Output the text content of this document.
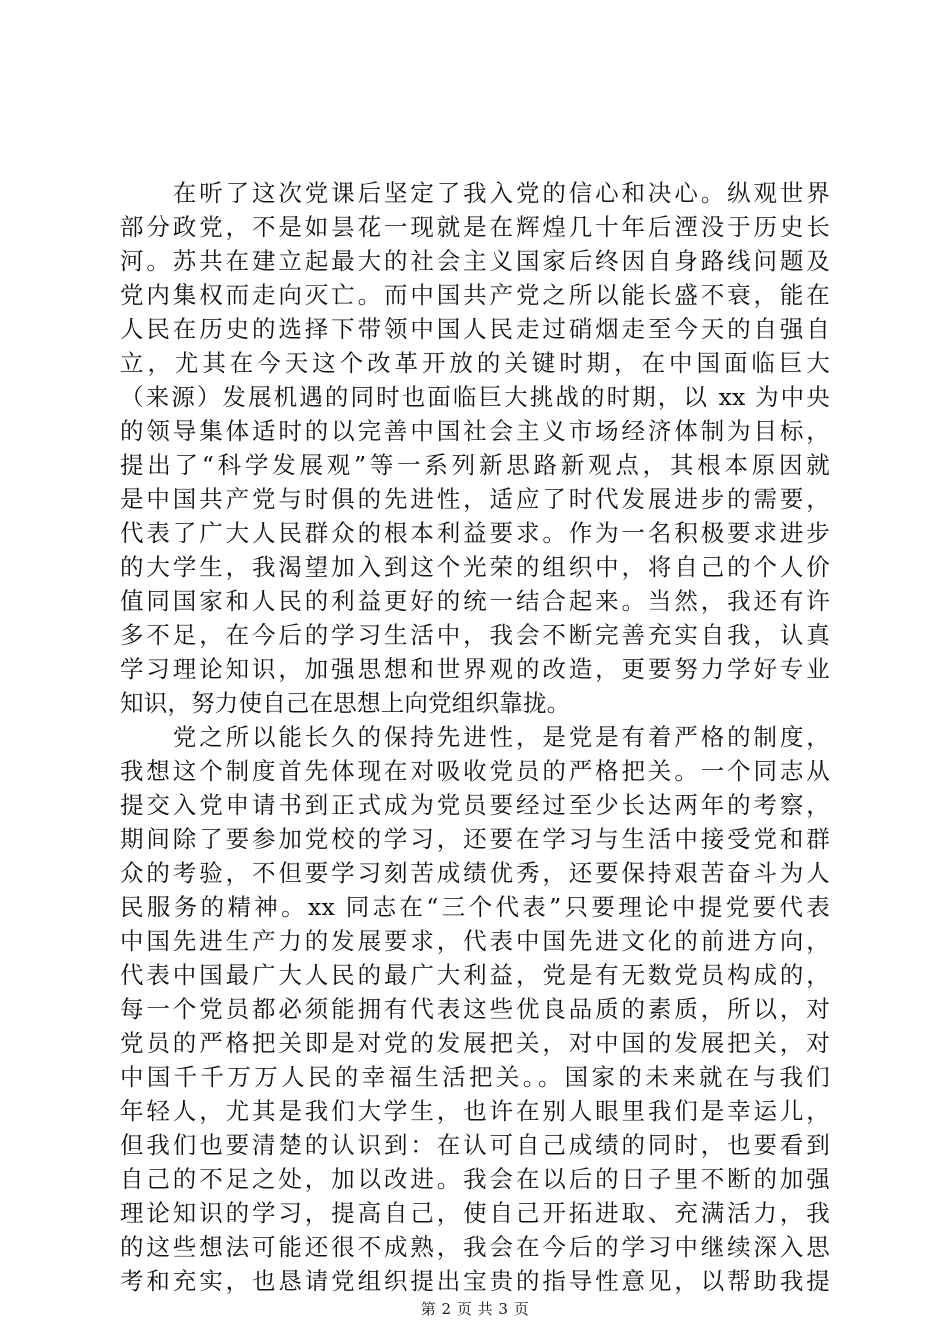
　　在听了这次党课后坚定了我入党的信心和决心。纵观世界
部分政党，不是如昙花一现就是在辉煌几十年后湮没于历史长
河。苏共在建立起最大的社会主义国家后终因自身路线问题及
党内集权而走向灭亡。而中国共产党之所以能长盛不衰，能在
人民在历史的选择下带领中国人民走过硝烟走至今天的自强自
立，尤其在今天这个改革开放的关键时期，在中国面临巨大
（来源）发展机遇的同时也面临巨大挑战的时期，以 xx 为中央
的领导集体适时的以完善中国社会主义市场经济体制为目标，
提出了“科学发展观”等一系列新思路新观点，其根本原因就
是中国共产党与时俱的先进性，适应了时代发展进步的需要，
代表了广大人民群众的根本利益要求。作为一名积极要求进步
的大学生，我渴望加入到这个光荣的组织中，将自己的个人价
值同国家和人民的利益更好的统一结合起来。当然，我还有许
多不足，在今后的学习生活中，我会不断完善充实自我，认真
学习理论知识，加强思想和世界观的改造，更要努力学好专业
知识，努力使自己在思想上向党组织靠拢。
　　党之所以能长久的保持先进性，是党是有着严格的制度，
我想这个制度首先体现在对吸收党员的严格把关。一个同志从
提交入党申请书到正式成为党员要经过至少长达两年的考察，
期间除了要参加党校的学习，还要在学习与生活中接受党和群
众的考验，不但要学习刻苦成绩优秀，还要保持艰苦奋斗为人
民服务的精神。xx 同志在“三个代表”只要理论中提党要代表
中国先进生产力的发展要求，代表中国先进文化的前进方向，
代表中国最广大人民的最广大利益，党是有无数党员构成的，
每一个党员都必须能拥有代表这些优良品质的素质，所以，对
党员的严格把关即是对党的发展把关，对中国的发展把关，对
中国千千万万人民的幸福生活把关。。国家的未来就在与我们
年轻人，尤其是我们大学生，也许在别人眼里我们是幸运儿，
但我们也要清楚的认识到：在认可自己成绩的同时，也要看到
自己的不足之处，加以改进。我会在以后的日子里不断的加强
理论知识的学习，提高自己，使自己开拓进取、充满活力，我
的这些想法可能还很不成熟，我会在今后的学习中继续深入思
考和充实，也恳请党组织提出宝贵的指导性意见，以帮助我提
第 2 页 共 3 页
